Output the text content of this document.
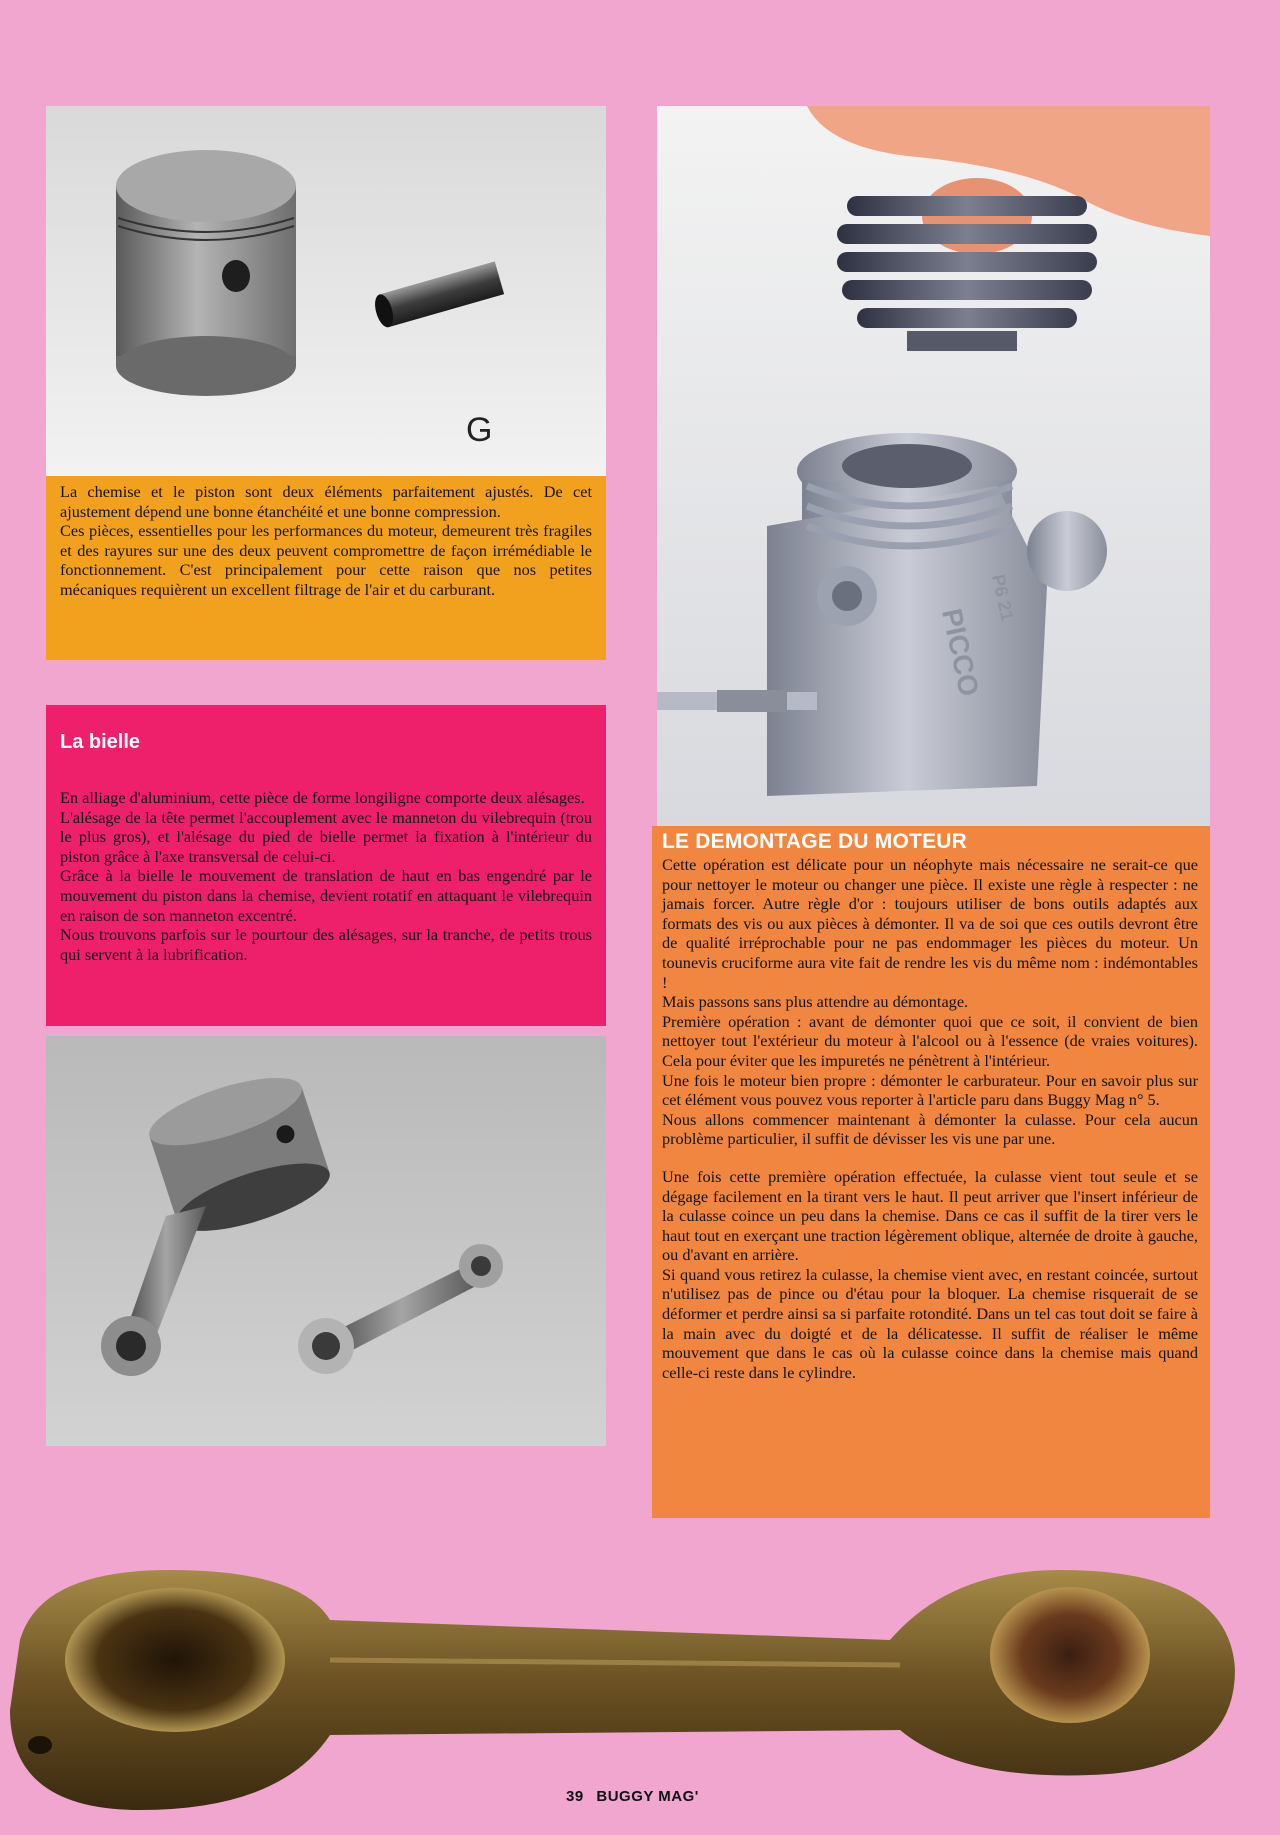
G

La chemise et le piston sont deux éléments parfaitement ajustés. De cet ajustement dépend une bonne étanchéité et une bonne compression.

Ces pièces, essentielles pour les performances du moteur, demeurent très fragiles et des rayures sur une des deux peuvent compromettre de façon irrémédiable le fonctionnement. C'est principalement pour cette raison que nos petites mécaniques requièrent un excellent filtrage de l'air et du carburant.

PICCO
P6 21
La bielle

En alliage d'aluminium, cette pièce de forme longiligne comporte deux alésages.

L'alésage de la tête permet l'accouplement avec le manneton du vilebrequin (trou le plus gros), et l'alésage du pied de bielle permet la fixation à l'intérieur du piston grâce à l'axe transversal de celui-ci.

Grâce à la bielle le mouvement de translation de haut en bas engendré par le mouvement du piston dans la chemise, devient rotatif en attaquant le vilebrequin en raison de son manneton excentré.

Nous trouvons parfois sur le pourtour des alésages, sur la tranche, de petits trous qui servent à la lubrification.

LE DEMONTAGE DU MOTEUR

Cette opération est délicate pour un néophyte mais nécessaire ne serait-ce que pour nettoyer le moteur ou changer une pièce. Il existe une règle à respecter : ne jamais forcer. Autre règle d'or : toujours utiliser de bons outils adaptés aux formats des vis ou aux pièces à démonter. Il va de soi que ces outils devront être de qualité irréprochable pour ne pas endommager les pièces du moteur. Un tounevis cruciforme aura vite fait de rendre les vis du même nom : indémontables !

Mais passons sans plus attendre au démontage.

Première opération : avant de démonter quoi que ce soit, il convient de bien nettoyer tout l'extérieur du moteur à l'alcool ou à l'essence (de vraies voitures). Cela pour éviter que les impuretés ne pénètrent à l'intérieur.

Une fois le moteur bien propre : démonter le carburateur. Pour en savoir plus sur cet élément vous pouvez vous reporter à l'article paru dans Buggy Mag n° 5.

Nous allons commencer maintenant à démonter la culasse. Pour cela aucun problème particulier, il suffit de dévisser les vis une par une.

Une fois cette première opération effectuée, la culasse vient tout seule et se dégage facilement en la tirant vers le haut. Il peut arriver que l'insert inférieur de la culasse coince un peu dans la chemise. Dans ce cas il suffit de la tirer vers le haut tout en exerçant une traction légèrement oblique, alternée de droite à gauche, ou d'avant en arrière.

Si quand vous retirez la culasse, la chemise vient avec, en restant coincée, surtout n'utilisez pas de pince ou d'étau pour la bloquer. La chemise risquerait de se déformer et perdre ainsi sa si parfaite rotondité. Dans un tel cas tout doit se faire à la main avec du doigté et de la délicatesse. Il suffit de réaliser le même mouvement que dans le cas où la culasse coince dans la chemise mais quand celle-ci reste dans le cylindre.

39 BUGGY MAG'
